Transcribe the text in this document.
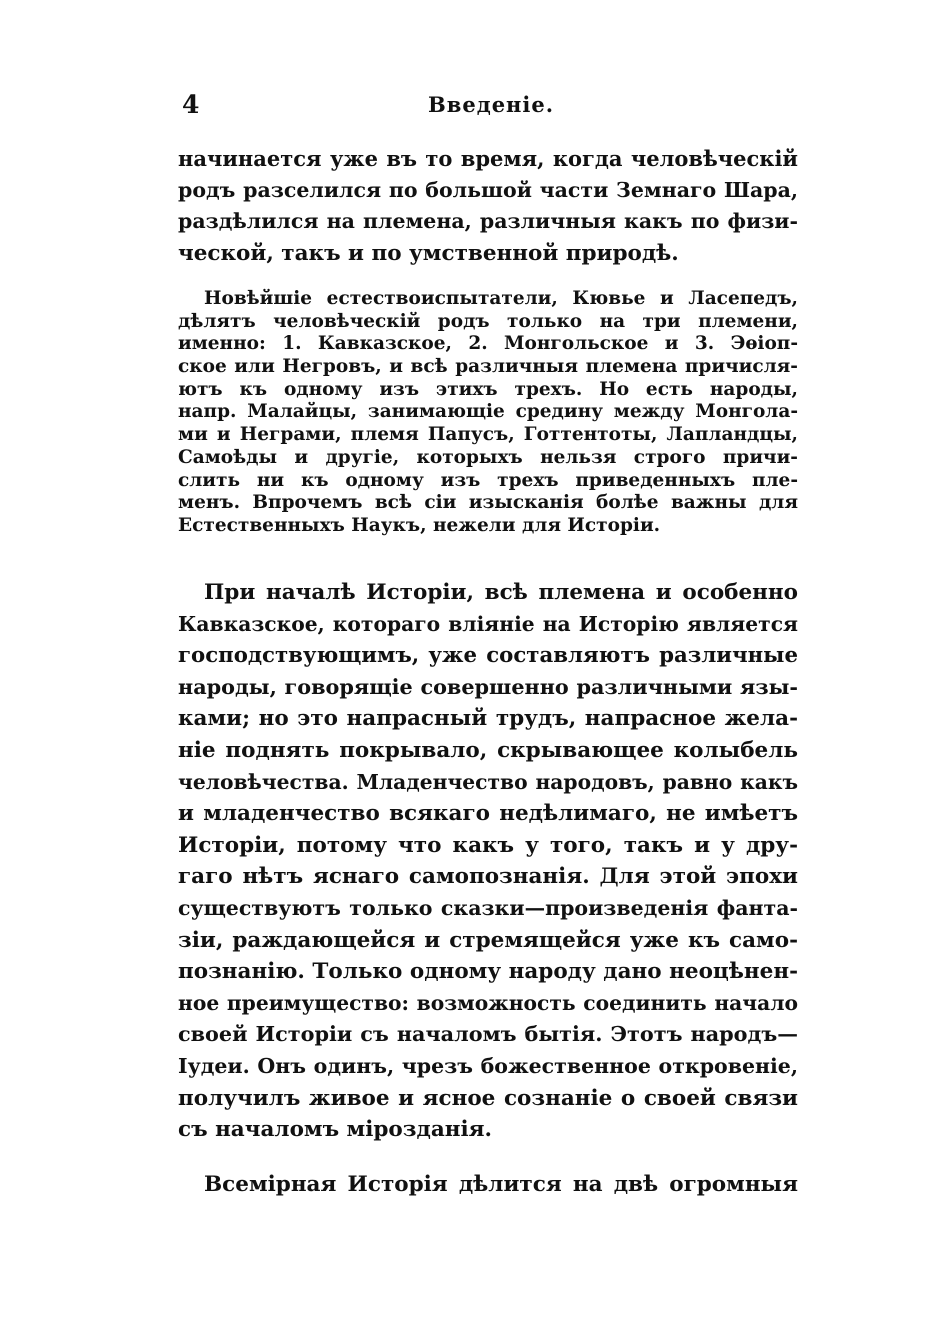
4	Введеніе.
начинается уже въ то время, когда человѣческій
родъ разселился по большой части Земнаго Шара,
раздѣлился на племена, различныя какъ по физи-
ческой, такъ и по умственной природѣ.
Новѣйшіе естествоиспытатели, Кювье и Ласепедъ,
дѣлятъ человѣческій родъ только на три племени,
именно: 1. Кавказское, 2. Монгольское и 3. Эѳіоп-
ское или Негровъ, и всѣ различныя племена причисля-
ютъ къ одному изъ этихъ трехъ. Но есть народы,
напр. Малайцы, занимающіе средину между Монгола-
ми и Неграми, племя Папусъ, Готтентоты, Лапландцы,
Самоѣды и другіе, которыхъ нельзя строго причи-
слить ни къ одному изъ трехъ приведенныхъ пле-
менъ. Впрочемъ всѣ сіи изысканія болѣе важны для
Естественныхъ Наукъ, нежели для Исторіи.
При началѣ Исторіи, всѣ племена и особенно
Кавказское, котораго вліяніе на Исторію является
господствующимъ, уже составляютъ различные
народы, говорящіе совершенно различными язы-
ками; но это напрасный трудъ, напрасное жела-
ніе поднять покрывало, скрывающее колыбель
человѣчества. Младенчество народовъ, равно какъ
и младенчество всякаго недѣлимаго, не имѣетъ
Исторіи, потому что какъ у того, такъ и у дру-
гаго нѣтъ яснаго самопознанія. Для этой эпохи
существуютъ только сказки—произведенія фанта-
зіи, раждающейся и стремящейся уже къ само-
познанію. Только одному народу дано неоцѣнен-
ное преимущество: возможность соединить начало
своей Исторіи съ началомъ бытія. Этотъ народъ—
Іудеи. Онъ одинъ, чрезъ божественное откровеніе,
получилъ живое и ясное сознаніе о своей связи
съ началомъ мірозданія.
Всемірная Исторія дѣлится на двѣ огромныя
